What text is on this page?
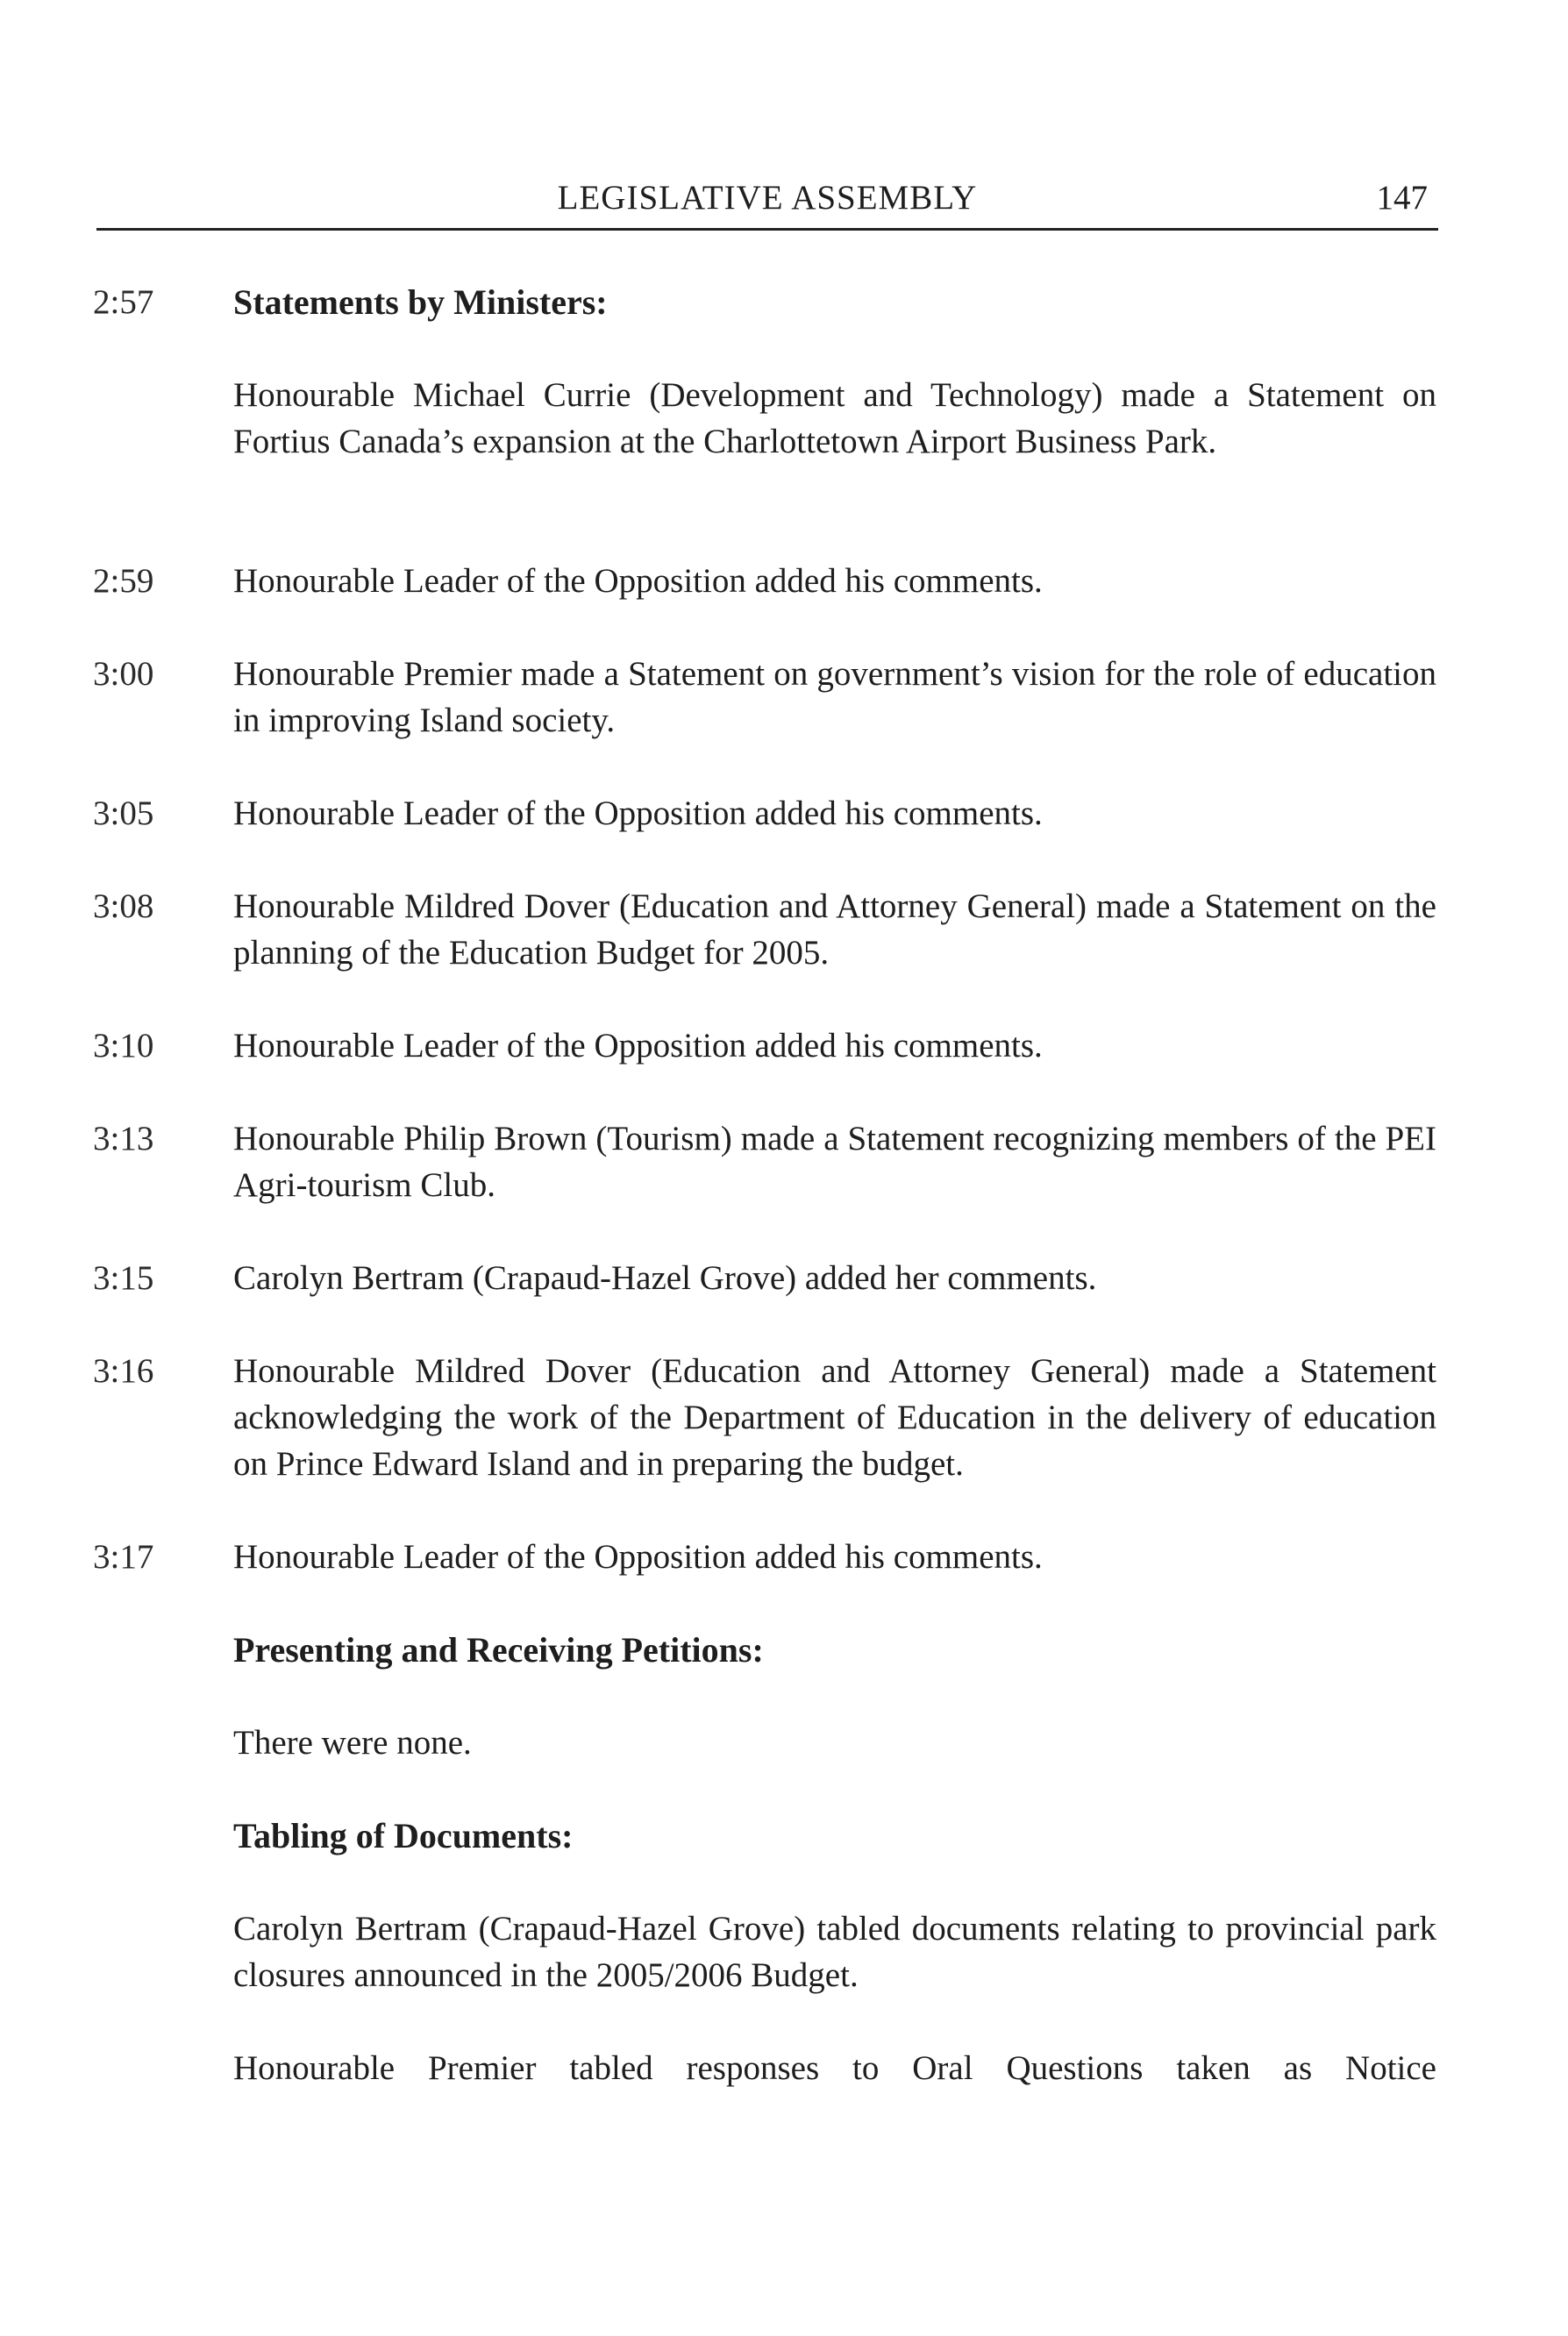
LEGISLATIVE ASSEMBLY	147
2:57 Statements by Ministers:
Honourable Michael Currie (Development and Technology) made a Statement on Fortius Canada’s expansion at the Charlottetown Airport Business Park.
2:59 Honourable Leader of the Opposition added his comments.
3:00 Honourable Premier made a Statement on government’s vision for the role of education in improving Island society.
3:05 Honourable Leader of the Opposition added his comments.
3:08 Honourable Mildred Dover (Education and Attorney General) made a Statement on the planning of the Education Budget for 2005.
3:10 Honourable Leader of the Opposition added his comments.
3:13 Honourable Philip Brown (Tourism) made a Statement recognizing members of the PEI Agri-tourism Club.
3:15 Carolyn Bertram (Crapaud-Hazel Grove) added her comments.
3:16 Honourable Mildred Dover (Education and Attorney General) made a Statement acknowledging the work of the Department of Education in the delivery of education on Prince Edward Island and in preparing the budget.
3:17 Honourable Leader of the Opposition added his comments.
Presenting and Receiving Petitions:
There were none.
Tabling of Documents:
Carolyn Bertram (Crapaud-Hazel Grove) tabled documents relating to provincial park closures announced in the 2005/2006 Budget.
Honourable Premier tabled responses to Oral Questions taken as Notice
